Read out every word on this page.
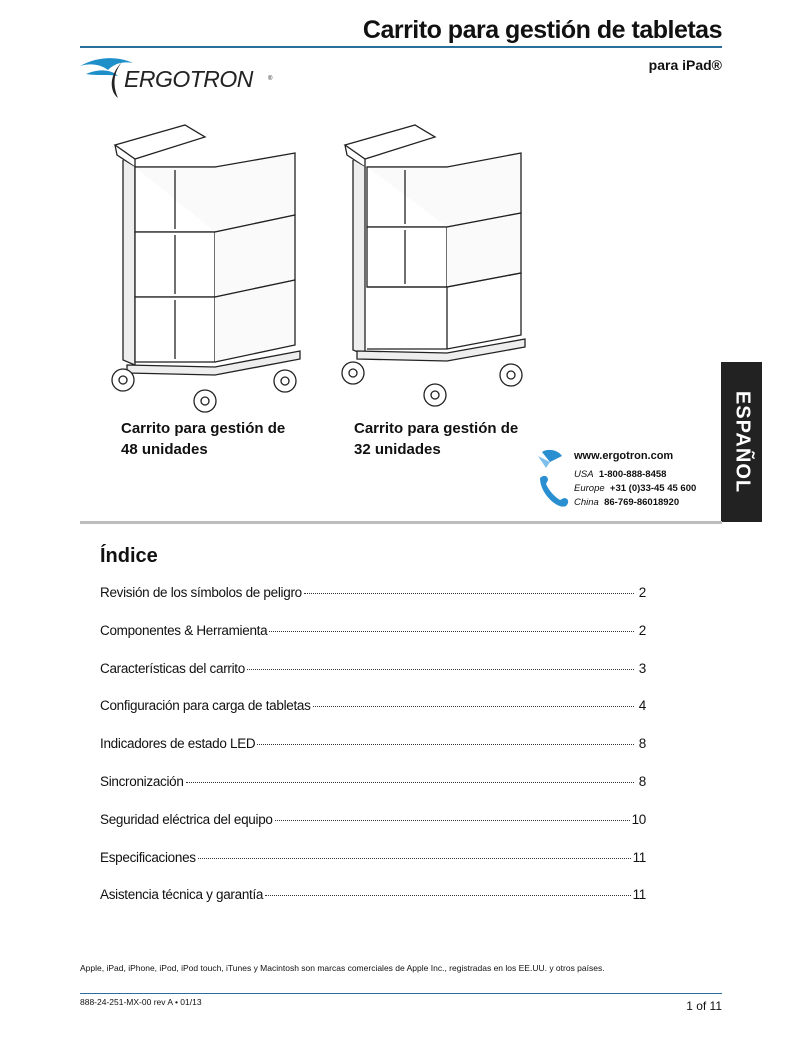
Carrito para gestión de tabletas
para iPad®
ERGOTRON	®
Carrito para gestión de
48 unidades
Carrito para gestión de
32 unidades	ESPAÑOL
www.ergotron.com
USA 1-800-888-8458
Europe +31 (0)33-45 45 600
China 86-769-86018920
Índice
Revisión de los símbolos de peligro	2
Componentes & Herramienta	2
Características del carrito	3
Configuración para carga de tabletas	4
Indicadores de estado LED	8
Sincronización	8
Seguridad eléctrica del equipo	10
Especificaciones	11
Asistencia técnica y garantía	11
Apple, iPad, iPhone, iPod, iPod touch, iTunes y Macintosh son marcas comerciales de Apple Inc., registradas en los EE.UU. y otros países.
888-24-251-MX-00 rev A • 01/13	1 of 11
